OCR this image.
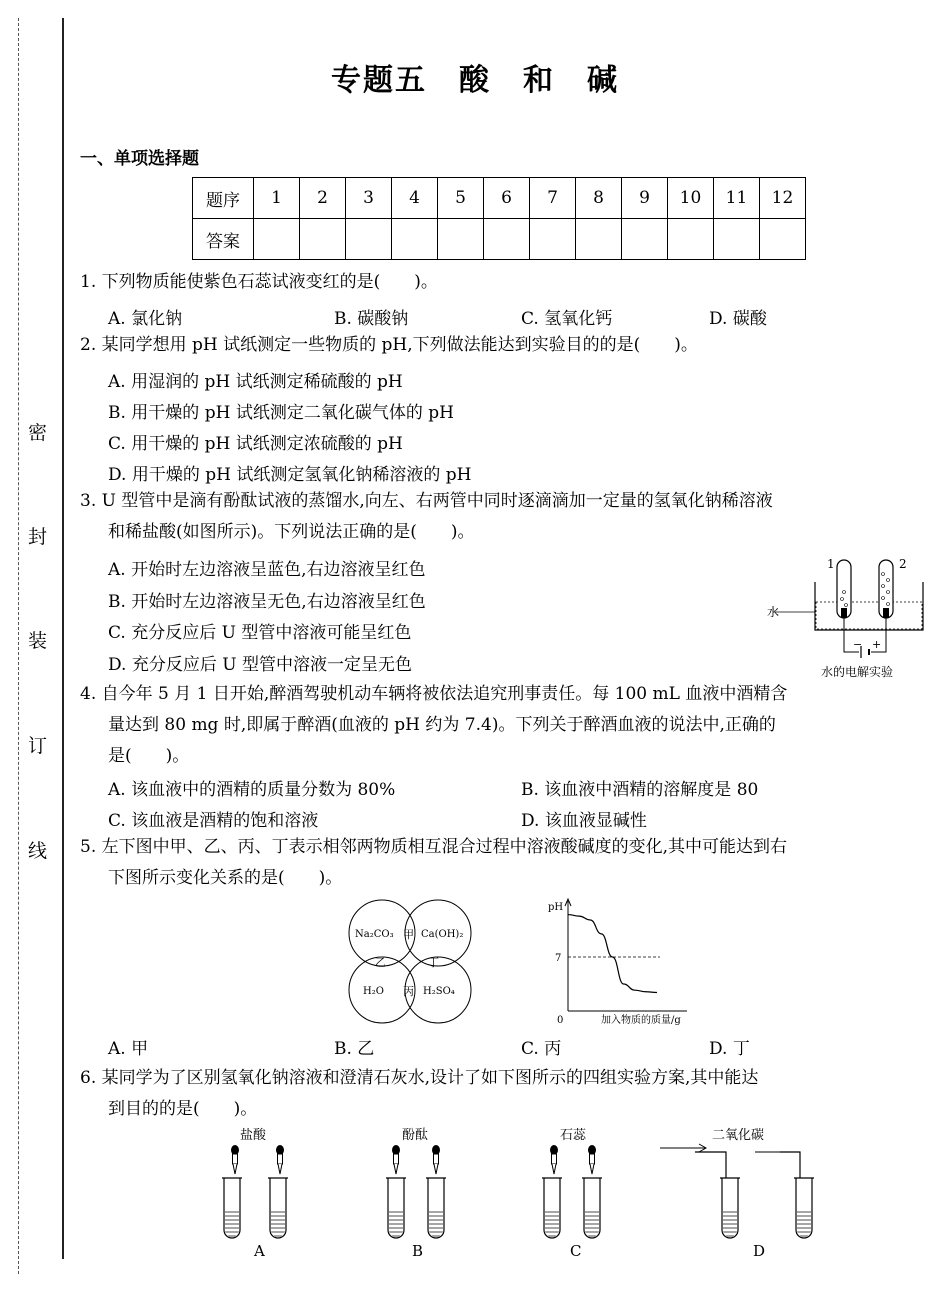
密
封
装
订
线
专题五　酸　和　碱
一、单项选择题
题序	1	2	3	4	5	6	7	8	9	10	11	12
答案												
1. 下列物质能使紫色石蕊试液变红的是(　　)。
A. 氯化钠	B. 碳酸钠	C. 氢氧化钙	D. 碳酸
2. 某同学想用 pH 试纸测定一些物质的 pH,下列做法能达到实验目的的是(　　)。
A. 用湿润的 pH 试纸测定稀硫酸的 pH
B. 用干燥的 pH 试纸测定二氧化碳气体的 pH
C. 用干燥的 pH 试纸测定浓硫酸的 pH
D. 用干燥的 pH 试纸测定氢氧化钠稀溶液的 pH
3. U 型管中是滴有酚酞试液的蒸馏水,向左、右两管中同时逐滴滴加一定量的氢氧化钠稀溶液
和稀盐酸(如图所示)。下列说法正确的是(　　)。
A. 开始时左边溶液呈蓝色,右边溶液呈红色
B. 开始时左边溶液呈无色,右边溶液呈红色
C. 充分反应后 U 型管中溶液可能呈红色
D. 充分反应后 U 型管中溶液一定呈无色
1	2
水
− +
水的电解实验
4. 自今年 5 月 1 日开始,醉酒驾驶机动车辆将被依法追究刑事责任。每 100 mL 血液中酒精含
量达到 80 mg 时,即属于醉酒(血液的 pH 约为 7.4)。下列关于醉酒血液的说法中,正确的
是(　　)。
A. 该血液中的酒精的质量分数为 80%	B. 该血液中酒精的溶解度是 80
C. 该血液是酒精的饱和溶液	D. 该血液显碱性
5. 左下图中甲、乙、丙、丁表示相邻两物质相互混合过程中溶液酸碱度的变化,其中可能达到右
下图所示变化关系的是(　　)。
Na₂CO₃	Ca(OH)₂
H₂O	H₂SO₄
甲
乙	丁
丙
pH
0	加入物质的质量/g
7
A. 甲	B. 乙	C. 丙	D. 丁
6. 某同学为了区别氢氧化钠溶液和澄清石灰水,设计了如下图所示的四组实验方案,其中能达
到目的的是(　　)。
盐酸
A
酚酞
B
石蕊
C
二氧化碳
D
